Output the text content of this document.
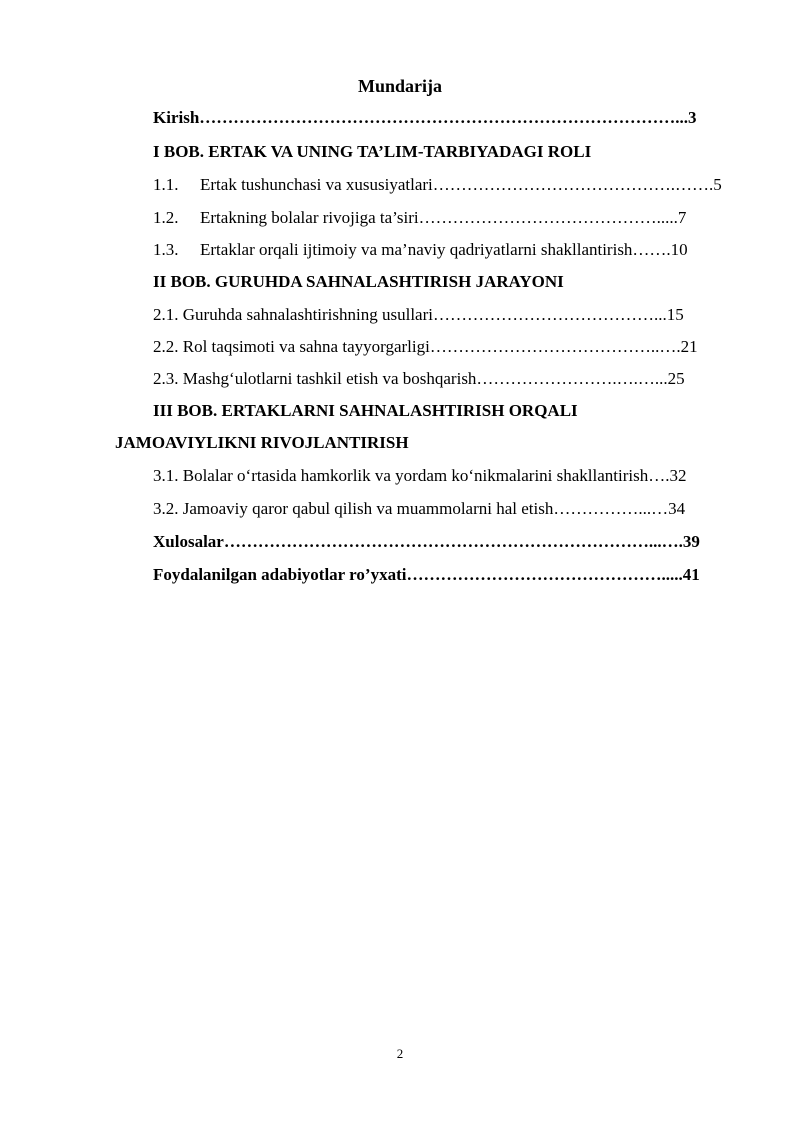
Mundarija
Kirish…………………………………………………………………………...3
I BOB. ERTAK VA UNING TA’LIM-TARBIYADAGI ROLI
1.1. Ertak tushunchasi va xususiyatlari…………………………………….…….5
1.2. Ertakning bolalar rivojiga ta’siri…………………………………….....7
1.3. Ertaklar orqali ijtimoiy va ma’naviy qadriyatlarni shakllantirish…….10
II BOB. GURUHDA SAHNALASHTIRISH JARAYONI
2.1. Guruhda sahnalashtirishning usullari…………………………………...15
2.2. Rol taqsimoti va sahna tayyorgarligi…………………………………..….21
2.3. Mashg‘ulotlarni tashkil etish va boshqarish…………………….….…...25
III BOB. ERTAKLARNI SAHNALASHTIRISH ORQALI
JAMOAVIYLIKNI RIVOJLANTIRISH
3.1. Bolalar o‘rtasida hamkorlik va yordam ko‘nikmalarini shakllantirish….32
3.2. Jamoaviy qaror qabul qilish va muammolarni hal etish……………...…34
Xulosalar…………………………………………………………………...….39
Foydalanilgan adabiyotlar ro’yxati……………………………………….....41
2
